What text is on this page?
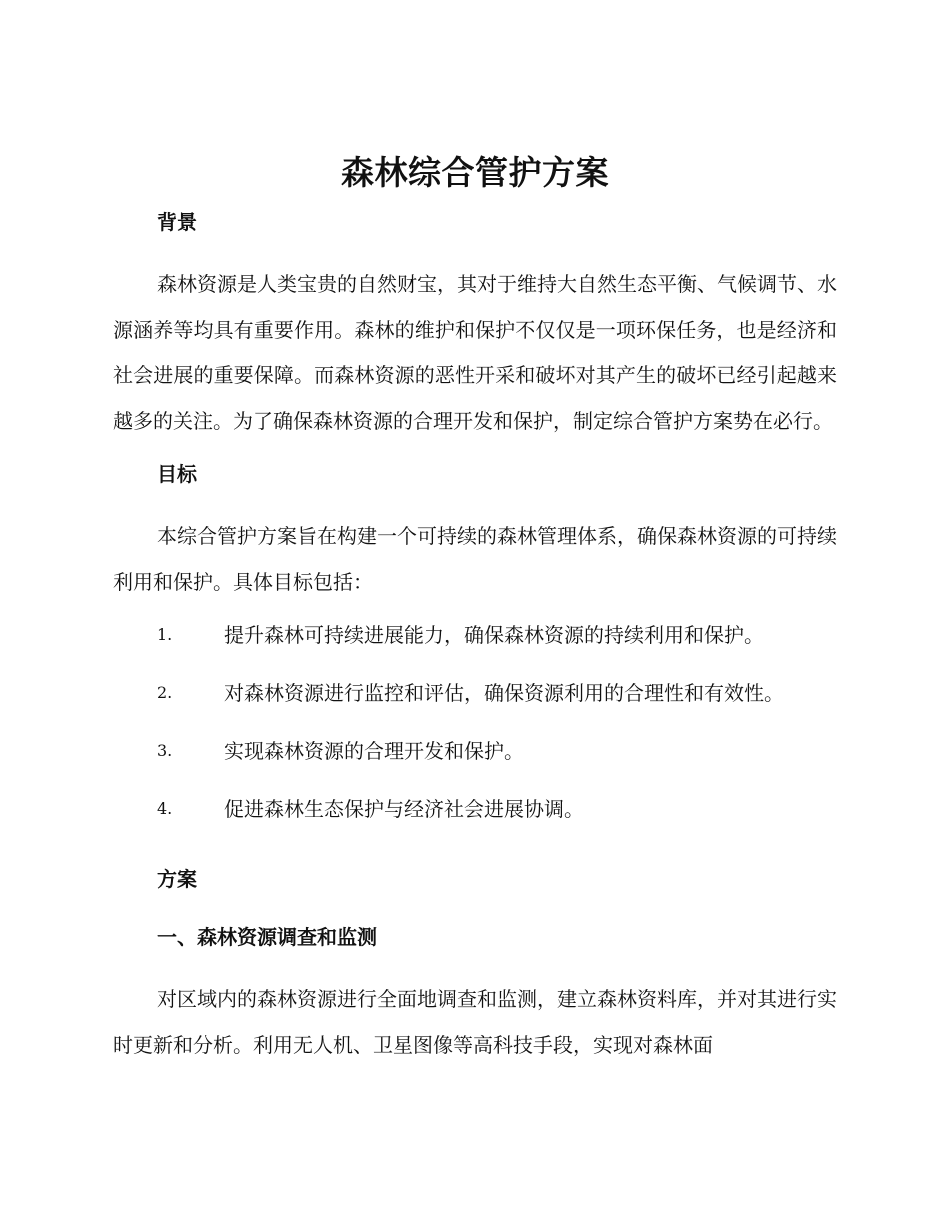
森林综合管护方案
背景

森林资源是人类宝贵的自然财宝，其对于维持大自然生态平衡、气候调节、水源涵养等均具有重要作用。森林的维护和保护不仅仅是一项环保任务，也是经济和社会进展的重要保障。而森林资源的恶性开采和破坏对其产生的破坏已经引起越来越多的关注。为了确保森林资源的合理开发和保护，制定综合管护方案势在必行。

目标

本综合管护方案旨在构建一个可持续的森林管理体系，确保森林资源的可持续利用和保护。具体目标包括：

1.	提升森林可持续进展能力，确保森林资源的持续利用和保护。
2.	对森林资源进行监控和评估，确保资源利用的合理性和有效性。
3.	实现森林资源的合理开发和保护。
4.	促进森林生态保护与经济社会进展协调。
方案
一、森林资源调查和监测

对区域内的森林资源进行全面地调查和监测，建立森林资料库，并对其进行实时更新和分析。利用无人机、卫星图像等高科技手段，实现对森林面
